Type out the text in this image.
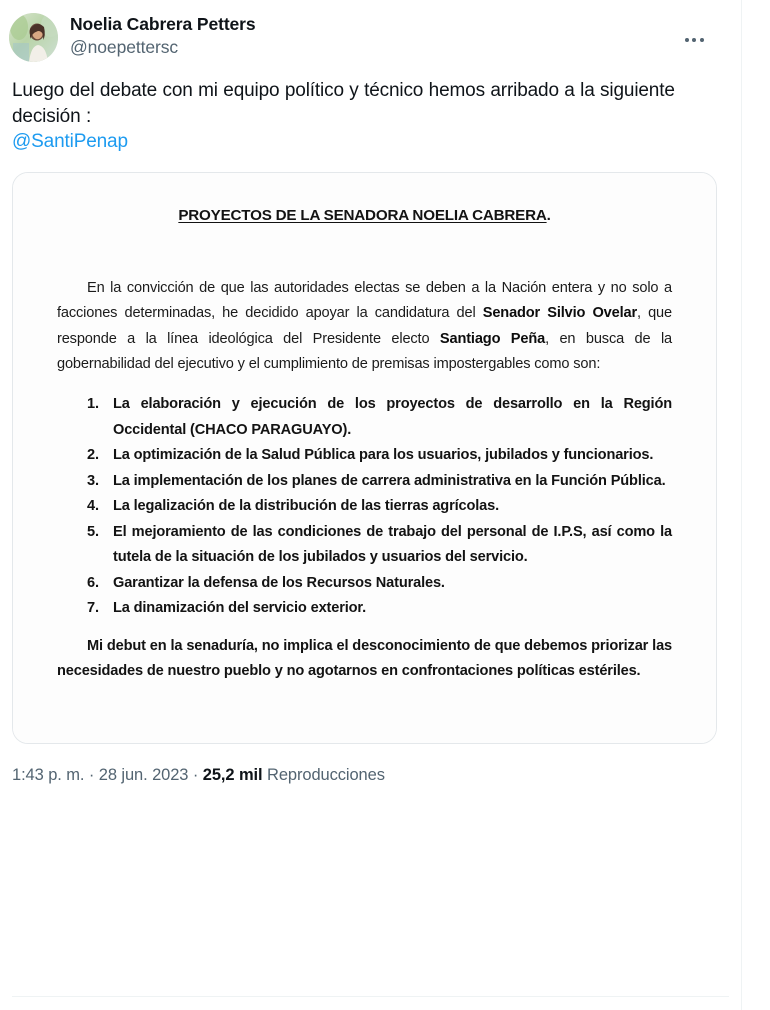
Noelia Cabrera Petters
@noepettersc
Luego del debate con mi equipo político y técnico hemos arribado a la siguiente decisión :
@SantiPenap
PROYECTOS DE LA SENADORA NOELIA CABRERA.

En la convicción de que las autoridades electas se deben a la Nación entera y no solo a facciones determinadas, he decidido apoyar la candidatura del Senador Silvio Ovelar, que responde a la línea ideológica del Presidente electo Santiago Peña, en busca de la gobernabilidad del ejecutivo y el cumplimiento de premisas impostergables como son:

La elaboración y ejecución de los proyectos de desarrollo en la Región Occidental (CHACO PARAGUAYO).
La optimización de la Salud Pública para los usuarios, jubilados y funcionarios.
La implementación de los planes de carrera administrativa en la Función Pública.
La legalización de la distribución de las tierras agrícolas.
El mejoramiento de las condiciones de trabajo del personal de I.P.S, así como la tutela de la situación de los jubilados y usuarios del servicio.
Garantizar la defensa de los Recursos Naturales.
La dinamización del servicio exterior.

Mi debut en la senaduría, no implica el desconocimiento de que debemos priorizar las necesidades de nuestro pueblo y no agotarnos en confrontaciones políticas estériles.

1:43 p. m. · 28 jun. 2023 · 25,2 mil Reproducciones
